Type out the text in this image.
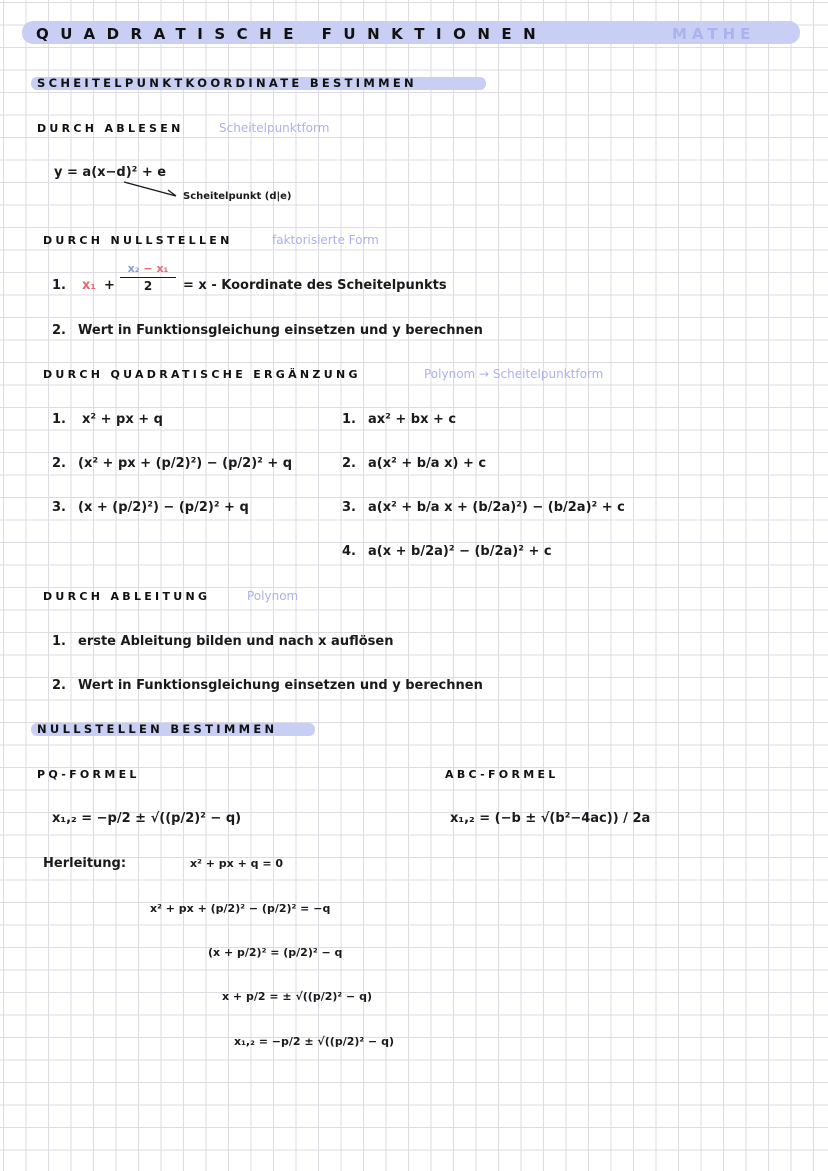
QUADRATISCHE FUNKTIONEN	MATHE
SCHEITELPUNKTKOORDINATE BESTIMMEN
DURCH ABLESEN	Scheitelpunktform
y = a(x−d)² + e
Scheitelpunkt (d|e)
DURCH NULLSTELLEN	faktorisierte Form
1. x₁ +
x₂ − x₁
2	= x - Koordinate des Scheitelpunkts
2. Wert in Funktionsgleichung einsetzen und y berechnen
DURCH QUADRATISCHE ERGÄNZUNG	Polynom → Scheitelpunktform
1. x² + px + q
2. (x² + px + (p/2)²) − (p/2)² + q
3. (x + (p/2)²) − (p/2)² + q
1. ax² + bx + c
2. a(x² + b/a x) + c
3. a(x² + b/a x + (b/2a)²) − (b/2a)² + c
4. a(x + b/2a)² − (b/2a)² + c
DURCH ABLEITUNG	Polynom
1. erste Ableitung bilden und nach x auflösen
2. Wert in Funktionsgleichung einsetzen und y berechnen
NULLSTELLEN BESTIMMEN
PQ-FORMEL
x₁,₂ = −p/2 ± √((p/2)² − q)
ABC-FORMEL
x₁,₂ = (−b ± √(b²−4ac)) / 2a
Herleitung:	x² + px + q = 0
x² + px + (p/2)² − (p/2)² = −q
(x + p/2)² = (p/2)² − q
x + p/2 = ± √((p/2)² − q)
x₁,₂ = −p/2 ± √((p/2)² − q)
